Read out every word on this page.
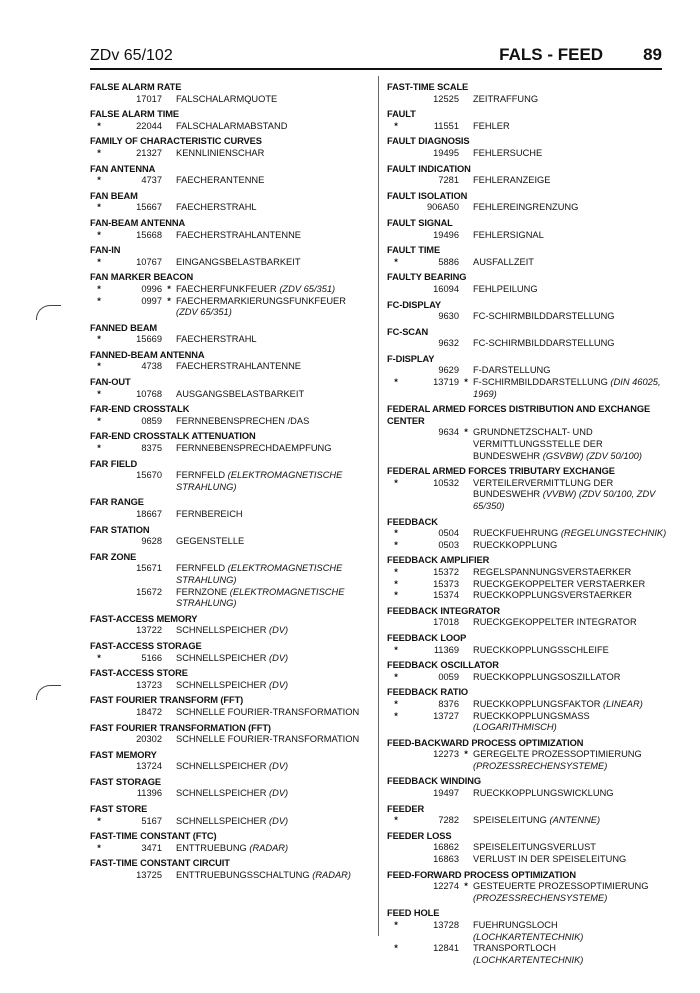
ZDv 65/102	FALS - FEED 89
FALSE ALARM RATE
17017 FALSCHALARMQUOTE
FALSE ALARM TIME
*	22044 FALSCHALARMABSTAND
FAMILY OF CHARACTERISTIC CURVES
*	21327 KENNLINIENSCHAR
FAN ANTENNA
*	4737 FAECHERANTENNE
FAN BEAM
*	15667 FAECHERSTRAHL
FAN-BEAM ANTENNA
*	15668 FAECHERSTRAHLANTENNE
FAN-IN
*	10767 EINGANGSBELASTBARKEIT
FAN MARKER BEACON
*	0996 * FAECHERFUNKFEUER (ZDV 65/351)
*	0997 * FAECHERMARKIERUNGSFUNKFEUER (ZDV 65/351)
FANNED BEAM
*	15669 FAECHERSTRAHL
FANNED-BEAM ANTENNA
*	4738 FAECHERSTRAHLANTENNE
FAN-OUT
*	10768 AUSGANGSBELASTBARKEIT
FAR-END CROSSTALK
*	0859 FERNNEBENSPRECHEN /DAS
FAR-END CROSSTALK ATTENUATION
*	8375 FERNNEBENSPRECHDAEMPFUNG
FAR FIELD
15670 FERNFELD (ELEKTROMAGNETISCHE STRAHLUNG)
FAR RANGE
18667 FERNBEREICH
FAR STATION
9628 GEGENSTELLE
FAR ZONE
15671 FERNFELD (ELEKTROMAGNETISCHE STRAHLUNG)
15672 FERNZONE (ELEKTROMAGNETISCHE STRAHLUNG)
FAST-ACCESS MEMORY
13722 SCHNELLSPEICHER (DV)
FAST-ACCESS STORAGE
*	5166 SCHNELLSPEICHER (DV)
FAST-ACCESS STORE
13723 SCHNELLSPEICHER (DV)
FAST FOURIER TRANSFORM (FFT)
18472 SCHNELLE FOURIER-TRANSFORMATION
FAST FOURIER TRANSFORMATION (FFT)
20302 SCHNELLE FOURIER-TRANSFORMATION
FAST MEMORY
13724 SCHNELLSPEICHER (DV)
FAST STORAGE
11396 SCHNELLSPEICHER (DV)
FAST STORE
*	5167 SCHNELLSPEICHER (DV)
FAST-TIME CONSTANT (FTC)
*	3471 ENTTRUEBUNG (RADAR)
FAST-TIME CONSTANT CIRCUIT
13725 ENTTRUEBUNGSSCHALTUNG (RADAR)
FAST-TIME SCALE
12525 ZEITRAFFUNG
FAULT
*	11551 FEHLER
FAULT DIAGNOSIS
19495 FEHLERSUCHE
FAULT INDICATION
7281 FEHLERANZEIGE
FAULT ISOLATION
906A50 FEHLEREINGRENZUNG
FAULT SIGNAL
19496 FEHLERSIGNAL
FAULT TIME
*	5886 AUSFALLZEIT
FAULTY BEARING
16094 FEHLPEILUNG
FC-DISPLAY
9630 FC-SCHIRMBILDDARSTELLUNG
FC-SCAN
9632 FC-SCHIRMBILDDARSTELLUNG
F-DISPLAY
9629 F-DARSTELLUNG
*	13719 * F-SCHIRMBILDDARSTELLUNG (DIN 46025, 1969)
FEDERAL ARMED FORCES DISTRIBUTION AND EXCHANGE CENTER
9634 * GRUNDNETZSCHALT- UND VERMITTLUNGSSTELLE DER BUNDESWEHR (GSVBW) (ZDV 50/100)
FEDERAL ARMED FORCES TRIBUTARY EXCHANGE
*	10532 VERTEILERVERMITTLUNG DER BUNDESWEHR (VVBW) (ZDV 50/100, ZDV 65/350)
FEEDBACK
*	0504 RUECKFUEHRUNG (REGELUNGSTECHNIK)
*	0503 RUECKKOPPLUNG
FEEDBACK AMPLIFIER
*	15372 REGELSPANNUNGSVERSTAERKER
*	15373 RUECKGEKOPPELTER VERSTAERKER
*	15374 RUECKKOPPLUNGSVERSTAERKER
FEEDBACK INTEGRATOR
17018 RUECKGEKOPPELTER INTEGRATOR
FEEDBACK LOOP
*	11369 RUECKKOPPLUNGSSCHLEIFE
FEEDBACK OSCILLATOR
*	0059 RUECKKOPPLUNGSOSZILLATOR
FEEDBACK RATIO
*	8376 RUECKKOPPLUNGSFAKTOR (LINEAR)
*	13727 RUECKKOPPLUNGSMASS (LOGARITHMISCH)
FEED-BACKWARD PROCESS OPTIMIZATION
12273 * GEREGELTE PROZESSOPTIMIERUNG (PROZESSRECHENSYSTEME)
FEEDBACK WINDING
19497 RUECKKOPPLUNGSWICKLUNG
FEEDER
*	7282 SPEISELEITUNG (ANTENNE)
FEEDER LOSS
16862 SPEISELEITUNGSVERLUST
16863 VERLUST IN DER SPEISELEITUNG
FEED-FORWARD PROCESS OPTIMIZATION
12274 * GESTEUERTE PROZESSOPTIMIERUNG (PROZESSRECHENSYSTEME)
FEED HOLE
*	13728 FUEHRUNGSLOCH (LOCHKARTENTECHNIK)
*	12841 TRANSPORTLOCH (LOCHKARTENTECHNIK)
